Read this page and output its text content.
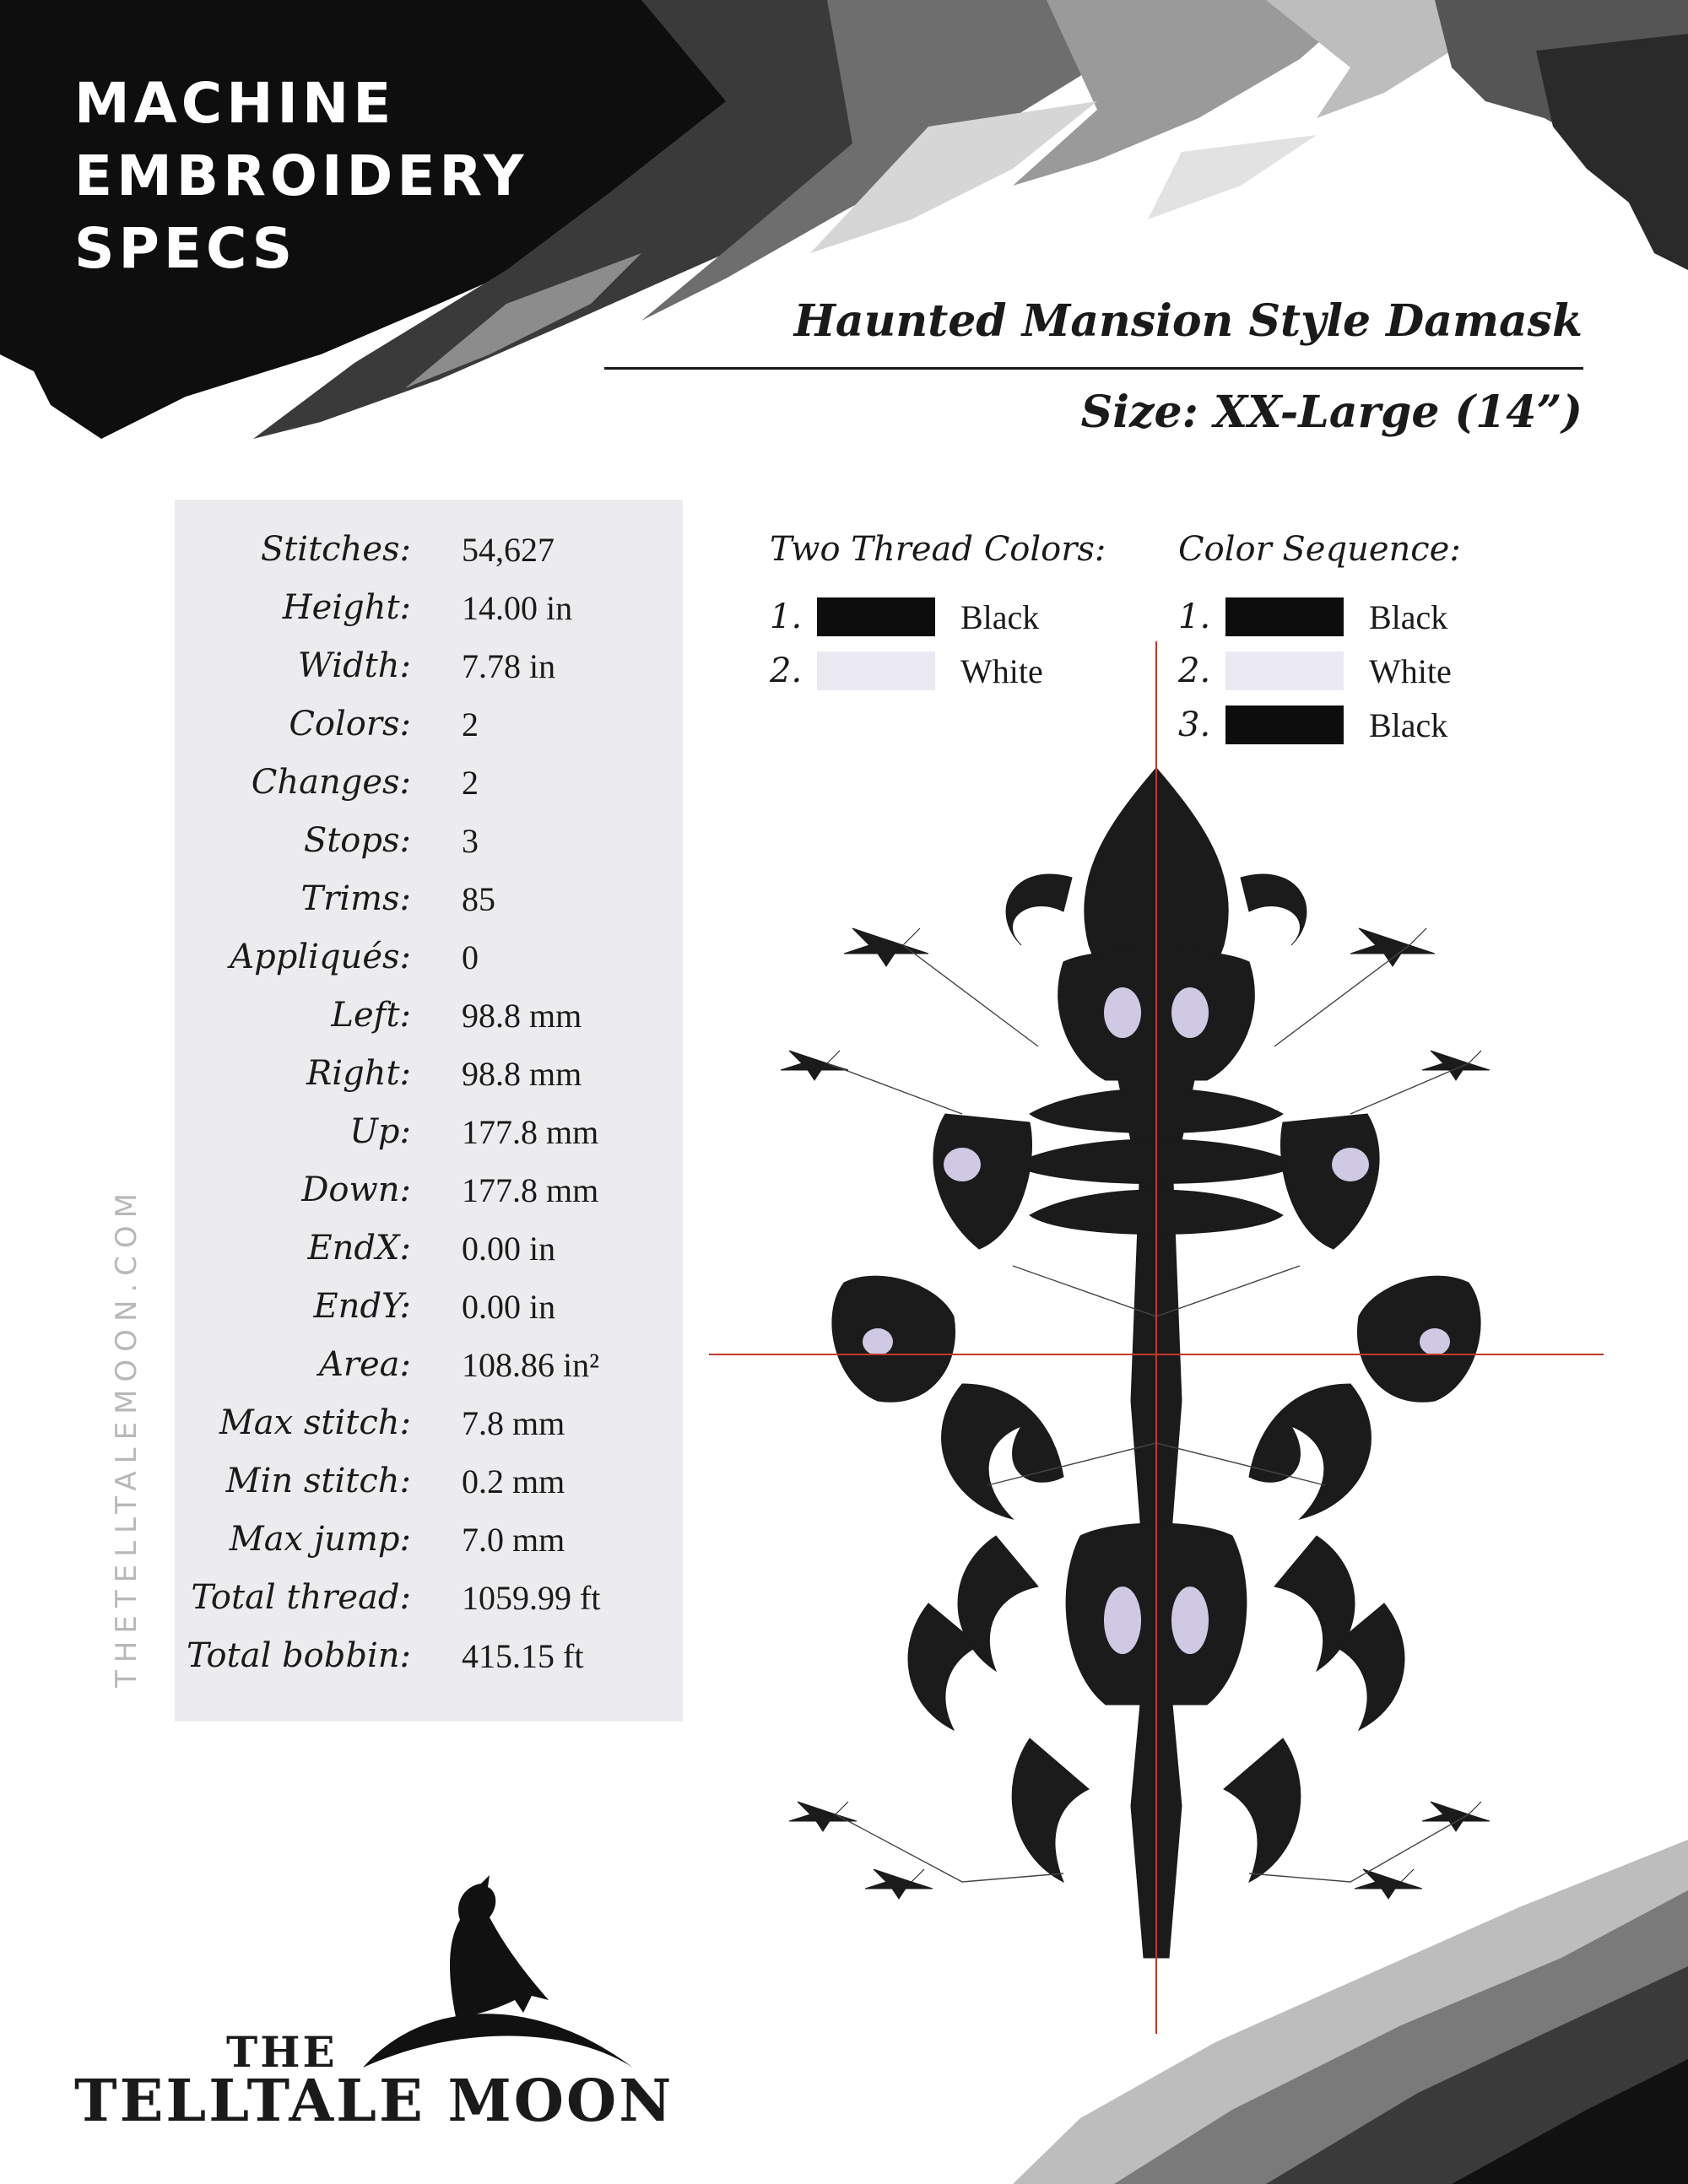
MACHINE
EMBROIDERY
SPECS
Haunted Mansion Style Damask
Size: XX-Large (14”)
Stitches: 54,627
Height: 14.00 in
Width: 7.78 in
Colors: 2
Changes: 2
Stops: 3
Trims: 85
Appliqués: 0
Left: 98.8 mm
Right: 98.8 mm
Up: 177.8 mm
Down: 177.8 mm
EndX: 0.00 in
EndY: 0.00 in
Area: 108.86 in²
Max stitch: 7.8 mm
Min stitch: 0.2 mm
Max jump: 7.0 mm
Total thread: 1059.99 ft
Total bobbin: 415.15 ft
Two Thread Colors:
1.	Black
2.	White
Color Sequence:
1.	Black
2.	White
3.	Black
THETELLTALEMOON.COM
THE
TELLTALE MOON
